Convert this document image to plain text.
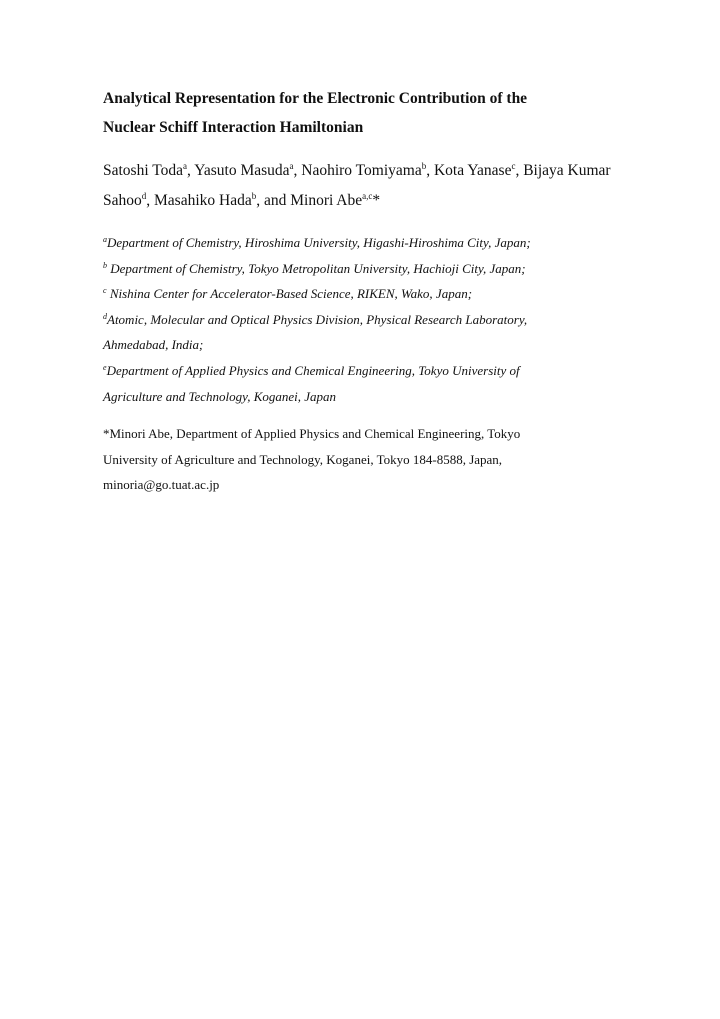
Analytical Representation for the Electronic Contribution of the
Nuclear Schiff Interaction Hamiltonian

Satoshi Toda$^a$, Yasuto Masuda$^a$, Naohiro Tomiyama$^b$, Kota Yanase$^c$, Bijaya Kumar Sahoo$^d$, Masahiko Hada$^b$, and Minori Abe$^{a,c}$*

$^a$Department of Chemistry, Hiroshima University, Higashi-Hiroshima City, Japan;
$^b$ Department of Chemistry, Tokyo Metropolitan University, Hachioji City, Japan;
$^c$ Nishina Center for Accelerator-Based Science, RIKEN, Wako, Japan;
$^d$Atomic, Molecular and Optical Physics Division, Physical Research Laboratory,
Ahmedabad, India;
$^e$Department of Applied Physics and Chemical Engineering, Tokyo University of
Agriculture and Technology, Koganei, Japan
*Minori Abe, Department of Applied Physics and Chemical Engineering, Tokyo
University of Agriculture and Technology, Koganei, Tokyo 184-8588, Japan,
minoria@go.tuat.ac.jp
